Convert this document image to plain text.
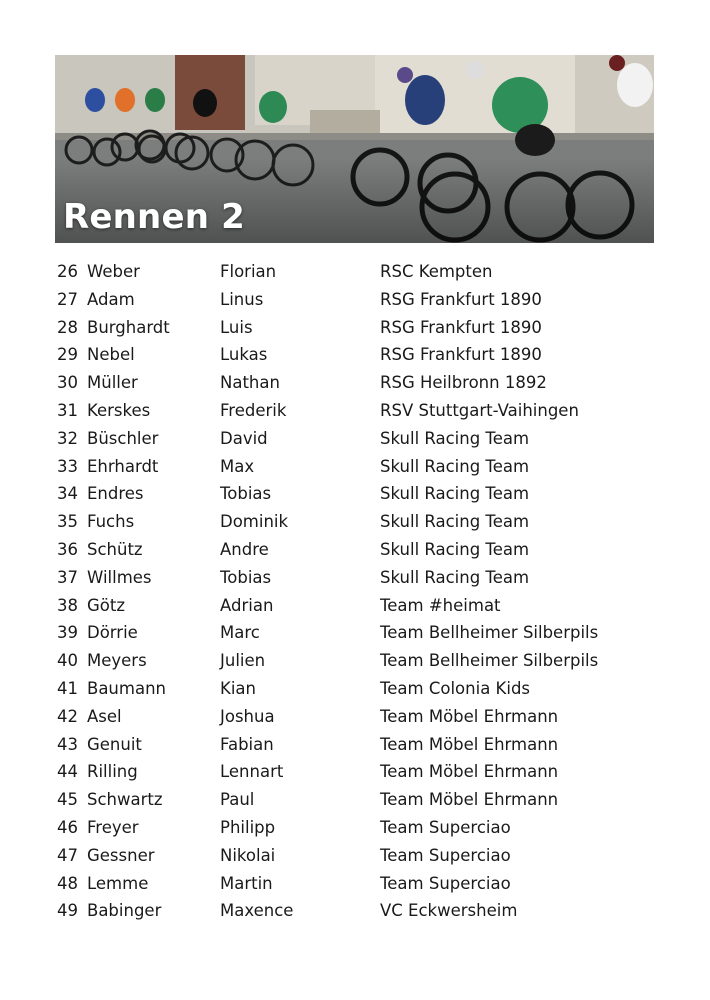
Rennen 2
26 Weber	Florian	RSC Kempten
27 Adam	Linus	RSG Frankfurt 1890
28 Burghardt	Luis	RSG Frankfurt 1890
29 Nebel	Lukas	RSG Frankfurt 1890
30 Müller	Nathan	RSG Heilbronn 1892
31 Kerskes	Frederik	RSV Stuttgart-Vaihingen
32 Büschler	David	Skull Racing Team
33 Ehrhardt	Max	Skull Racing Team
34 Endres	Tobias	Skull Racing Team
35 Fuchs	Dominik	Skull Racing Team
36 Schütz	Andre	Skull Racing Team
37 Willmes	Tobias	Skull Racing Team
38 Götz	Adrian	Team #heimat
39 Dörrie	Marc	Team Bellheimer Silberpils
40 Meyers	Julien	Team Bellheimer Silberpils
41 Baumann	Kian	Team Colonia Kids
42 Asel	Joshua	Team Möbel Ehrmann
43 Genuit	Fabian	Team Möbel Ehrmann
44 Rilling	Lennart	Team Möbel Ehrmann
45 Schwartz	Paul	Team Möbel Ehrmann
46 Freyer	Philipp	Team Superciao
47 Gessner	Nikolai	Team Superciao
48 Lemme	Martin	Team Superciao
49 Babinger	Maxence	VC Eckwersheim
